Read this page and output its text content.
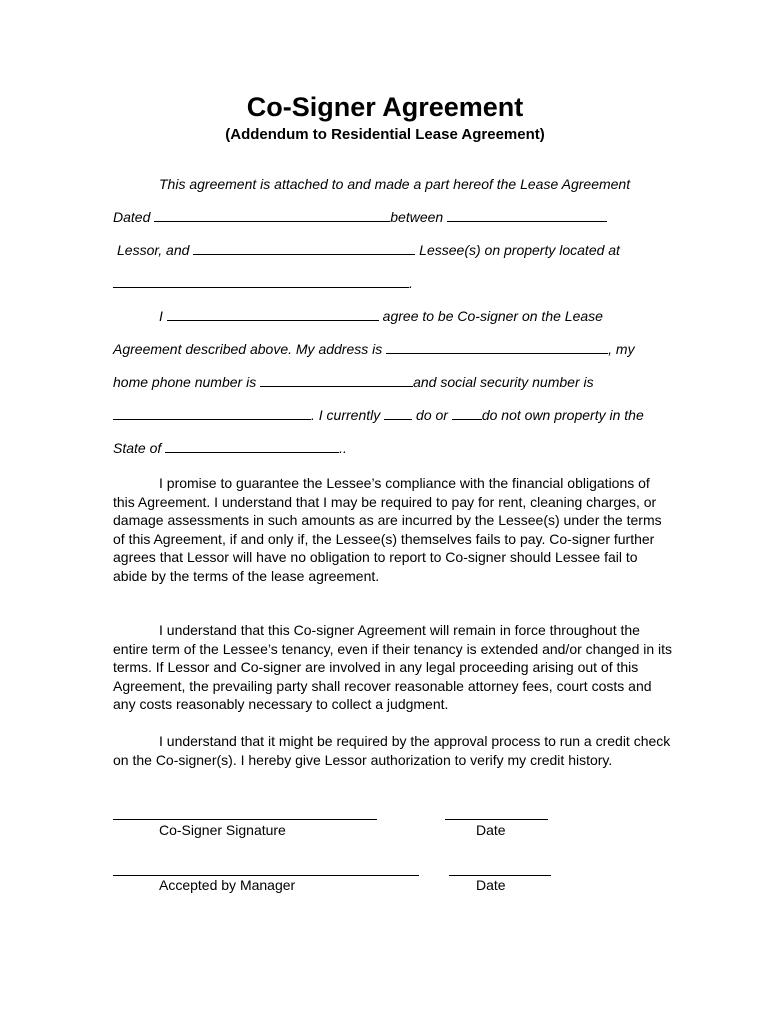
Co-Signer Agreement
(Addendum to Residential Lease Agreement)
This agreement is attached to and made a part hereof the Lease Agreement
Dated	between
Lessor, and	Lessee(s) on property located at
.
I	agree to be Co-signer on the Lease
Agreement described above. My address is	, my
home phone number is	and social security number is
. I currently	do or do not own property in the
State of	..
I promise to guarantee the Lessee’s compliance with the financial obligations of this Agreement. I understand that I may be required to pay for rent, cleaning charges, or damage assessments in such amounts as are incurred by the Lessee(s) under the terms of this Agreement, if and only if, the Lessee(s) themselves fails to pay. Co-signer further agrees that Lessor will have no obligation to report to Co-signer should Lessee fail to abide by the terms of the lease agreement.
I understand that this Co-signer Agreement will remain in force throughout the entire term of the Lessee’s tenancy, even if their tenancy is extended and/or changed in its terms. If Lessor and Co-signer are involved in any legal proceeding arising out of this Agreement, the prevailing party shall recover reasonable attorney fees, court costs and any costs reasonably necessary to collect a judgment.
I understand that it might be required by the approval process to run a credit check on the Co-signer(s). I hereby give Lessor authorization to verify my credit history.
Co-Signer Signature	Date
Accepted by Manager	Date
